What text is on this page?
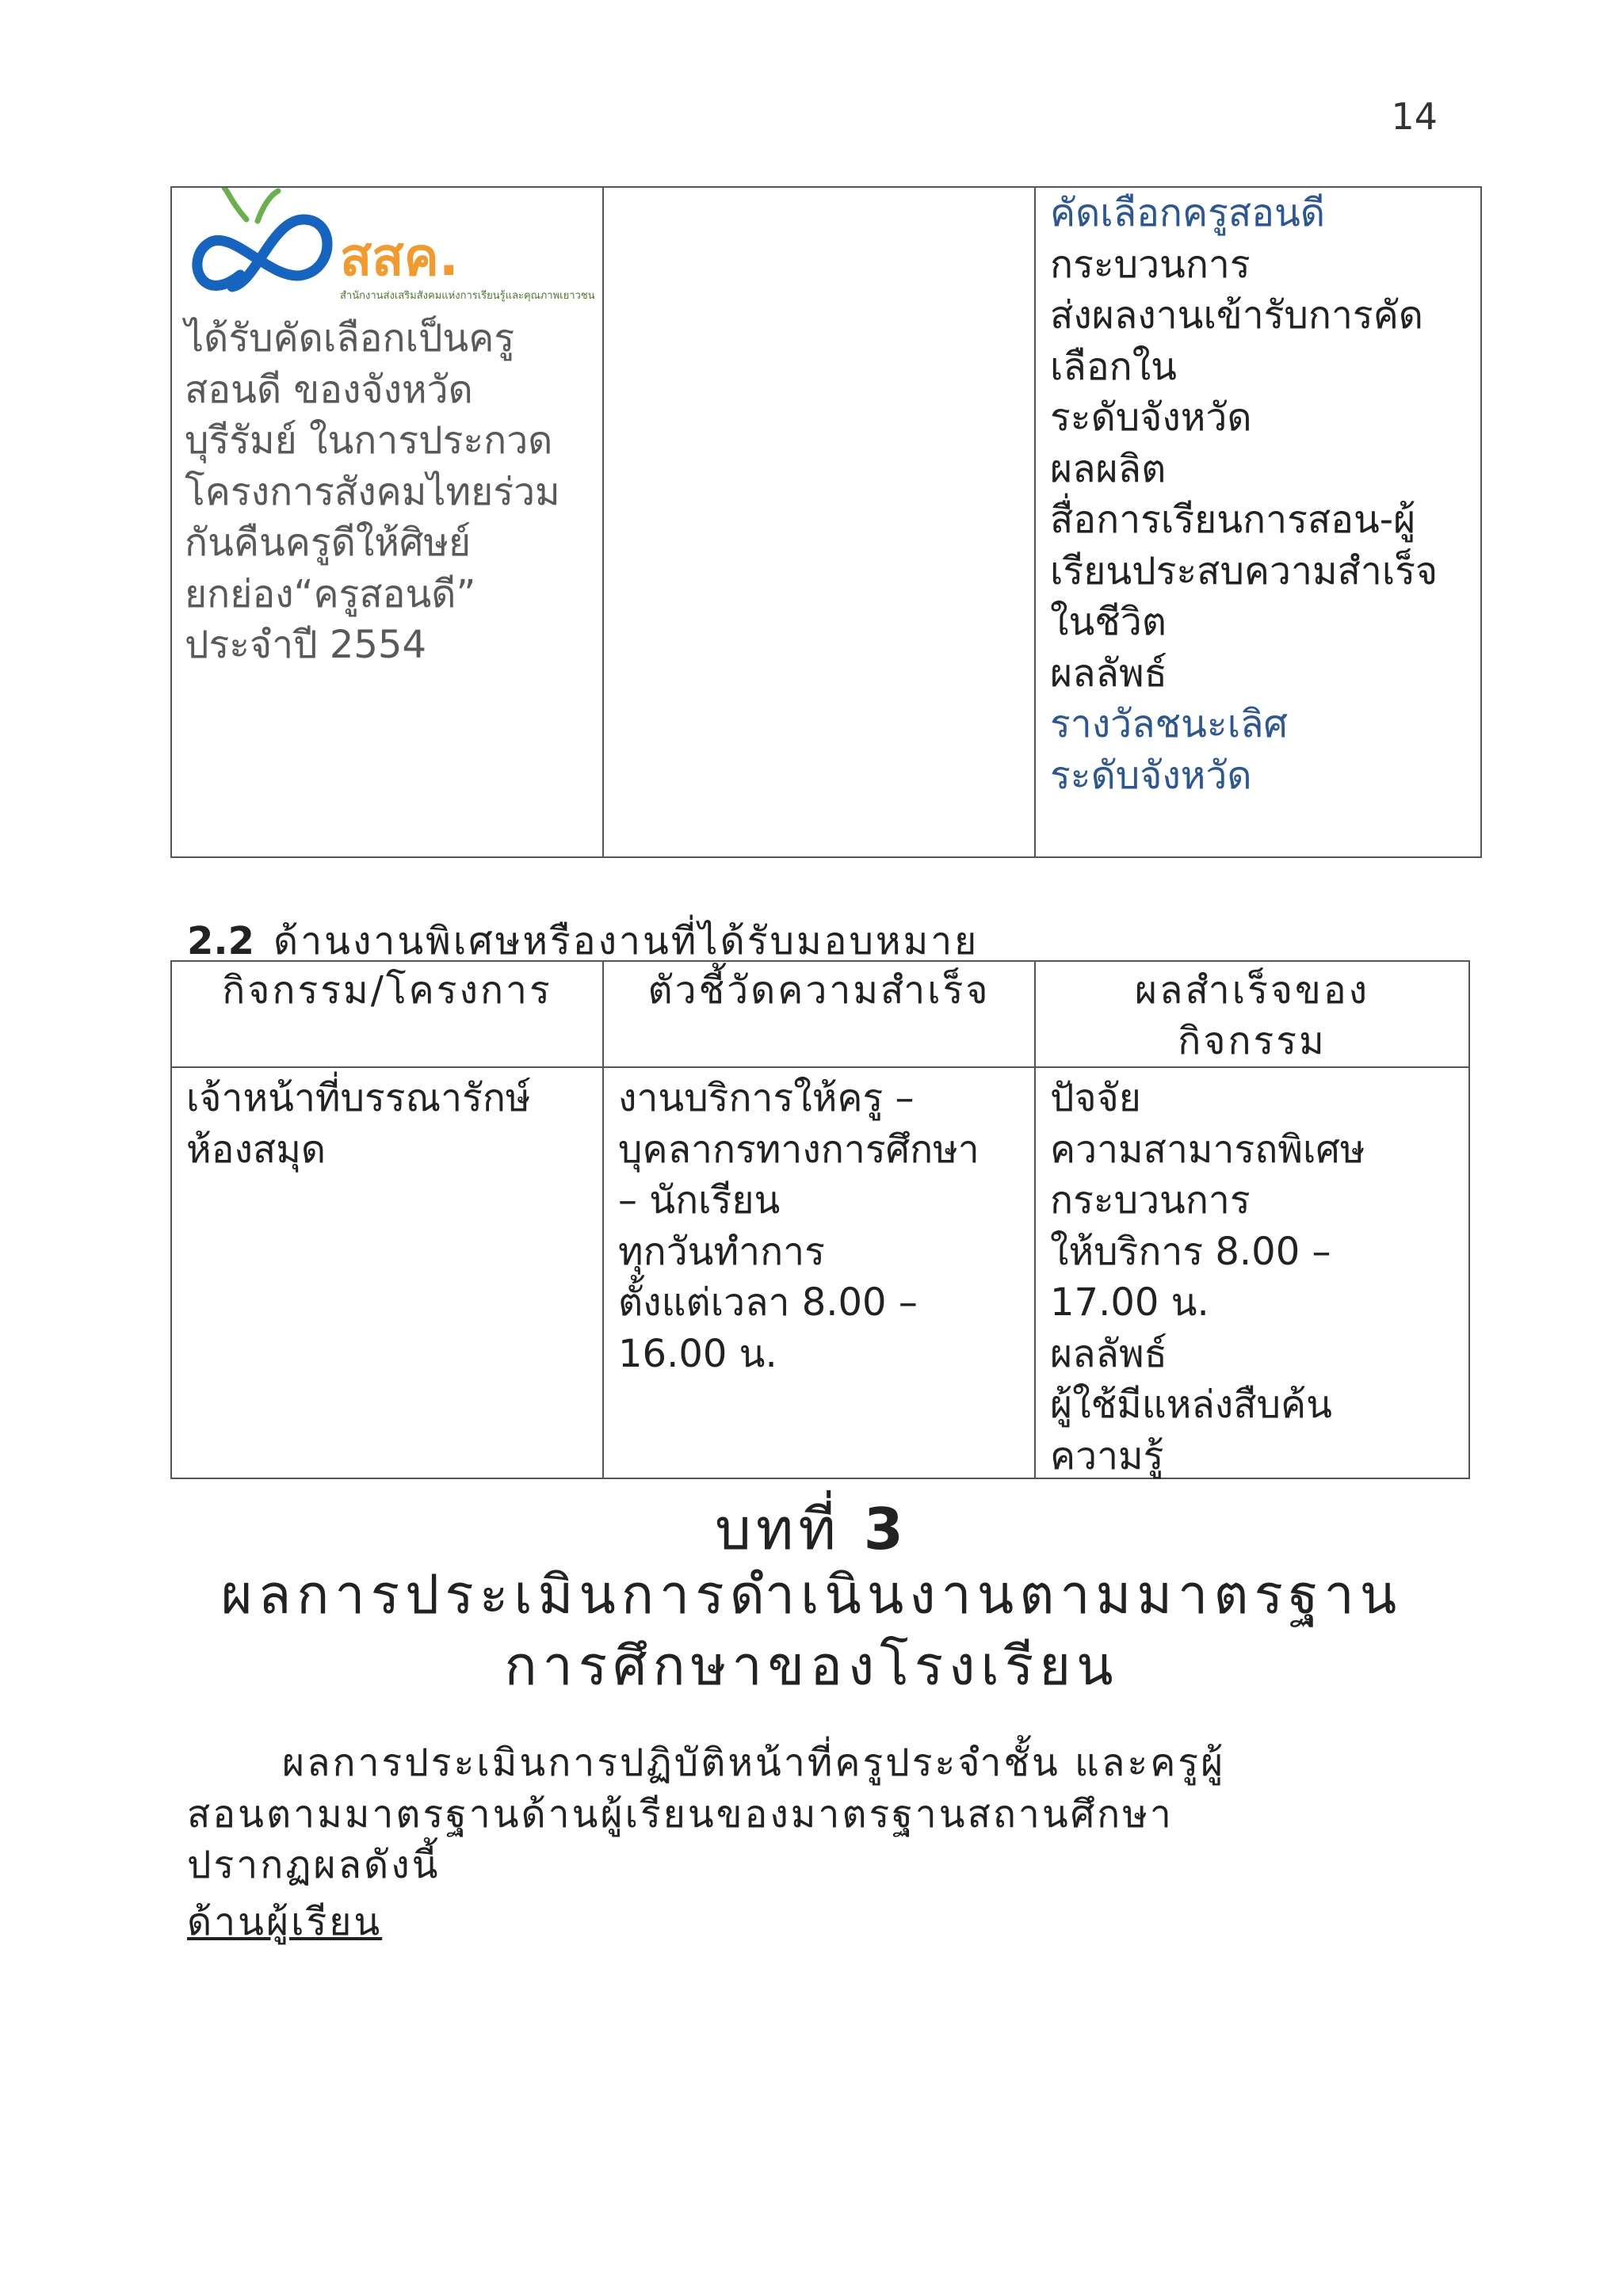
14
สสค.
สำนักงานส่งเสริมสังคมแห่งการเรียนรู้และคุณภาพเยาวชน
ได้รับคัดเลือกเป็นครู
สอนดี ของจังหวัด
บุรีรัมย์ ในการประกวด
โครงการสังคมไทยร่วม
กันคืนครูดีให้ศิษย์
ยกย่อง“ครูสอนดี”
ประจำปี 2554
คัดเลือกครูสอนดี
กระบวนการ
ส่งผลงานเข้ารับการคัด
เลือกใน
ระดับจังหวัด
ผลผลิต
สื่อการเรียนการสอน-ผู้
เรียนประสบความสำเร็จ
ในชีวิต
ผลลัพธ์
รางวัลชนะเลิศ
ระดับจังหวัด
2.2 ด้านงานพิเศษหรืองานที่ได้รับมอบหมาย
กิจกรรม/โครงการ	ตัวชี้วัดความสำเร็จ	ผลสำเร็จของ
กิจกรรม
เจ้าหน้าที่บรรณารักษ์
ห้องสมุด
งานบริการให้ครู –
บุคลากรทางการศึกษา
– นักเรียน
ทุกวันทำการ
ตั้งแต่เวลา 8.00 –
16.00 น.
ปัจจัย
ความสามารถพิเศษ
กระบวนการ
ให้บริการ 8.00 –
17.00 น.
ผลลัพธ์
ผู้ใช้มีแหล่งสืบค้น
ความรู้
บทที่ 3
ผลการประเมินการดำเนินงานตามมาตรฐาน
การศึกษาของโรงเรียน
ผลการประเมินการปฏิบัติหน้าที่ครูประจำชั้น และครูผู้
สอนตามมาตรฐานด้านผู้เรียนของมาตรฐานสถานศึกษา
ปรากฏผลดังนี้
ด้านผู้เรียน
